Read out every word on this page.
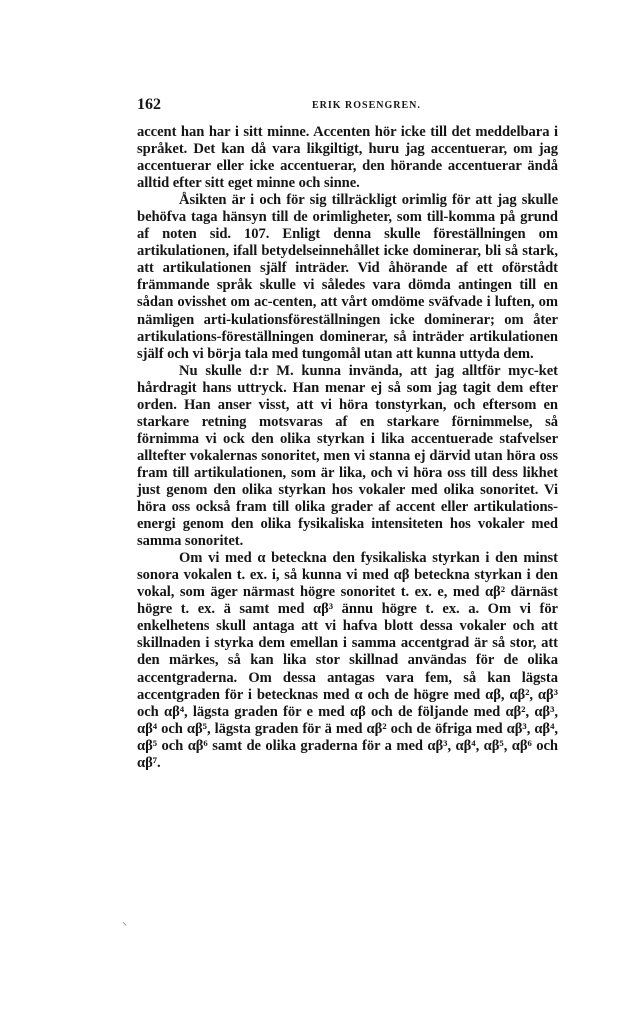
162	ERIK ROSENGREN.

accent han har i sitt minne. Accenten hör icke till det meddelbara i språket. Det kan då vara likgiltigt, huru jag accentuerar, om jag accentuerar eller icke accentuerar, den hörande accentuerar ändå alltid efter sitt eget minne och sinne.

Åsikten är i och för sig tillräckligt orimlig för att jag skulle behöfva taga hänsyn till de orimligheter, som till-komma på grund af noten sid. 107. Enligt denna skulle föreställningen om artikulationen, ifall betydelseinnehållet icke dominerar, bli så stark, att artikulationen själf inträder. Vid åhörande af ett oförstådt främmande språk skulle vi således vara dömda antingen till en sådan ovisshet om ac-centen, att vårt omdöme sväfvade i luften, om nämligen arti-kulationsföreställningen icke dominerar; om åter artikulations-föreställningen dominerar, så inträder artikulationen själf och vi börja tala med tungomål utan att kunna uttyda dem.

Nu skulle d:r M. kunna invända, att jag alltför myc-ket hårdragit hans uttryck. Han menar ej så som jag tagit dem efter orden. Han anser visst, att vi höra tonstyrkan, och eftersom en starkare retning motsvaras af en starkare förnimmelse, så förnimma vi ock den olika styrkan i lika accentuerade stafvelser alltefter vokalernas sonoritet, men vi stanna ej därvid utan höra oss fram till artikulationen, som är lika, och vi höra oss till dess likhet just genom den olika styrkan hos vokaler med olika sonoritet. Vi höra oss också fram till olika grader af accent eller artikulations-energi genom den olika fysikaliska intensiteten hos vokaler med samma sonoritet.

Om vi med α beteckna den fysikaliska styrkan i den minst sonora vokalen t. ex. i, så kunna vi med αβ beteckna styrkan i den vokal, som äger närmast högre sonoritet t. ex. e, med αβ² därnäst högre t. ex. ä samt med αβ³ ännu högre t. ex. a. Om vi för enkelhetens skull antaga att vi hafva blott dessa vokaler och att skillnaden i styrka dem emellan i samma accentgrad är så stor, att den märkes, så kan lika stor skillnad användas för de olika accentgraderna. Om dessa antagas vara fem, så kan lägsta accentgraden för i betecknas med α och de högre med αβ, αβ², αβ³ och αβ⁴, lägsta graden för e med αβ och de följande med αβ², αβ³, αβ⁴ och αβ⁵, lägsta graden för ä med αβ² och de öfriga med αβ³, αβ⁴, αβ⁵ och αβ⁶ samt de olika graderna för a med αβ³, αβ⁴, αβ⁵, αβ⁶ och αβ⁷.

⸌
